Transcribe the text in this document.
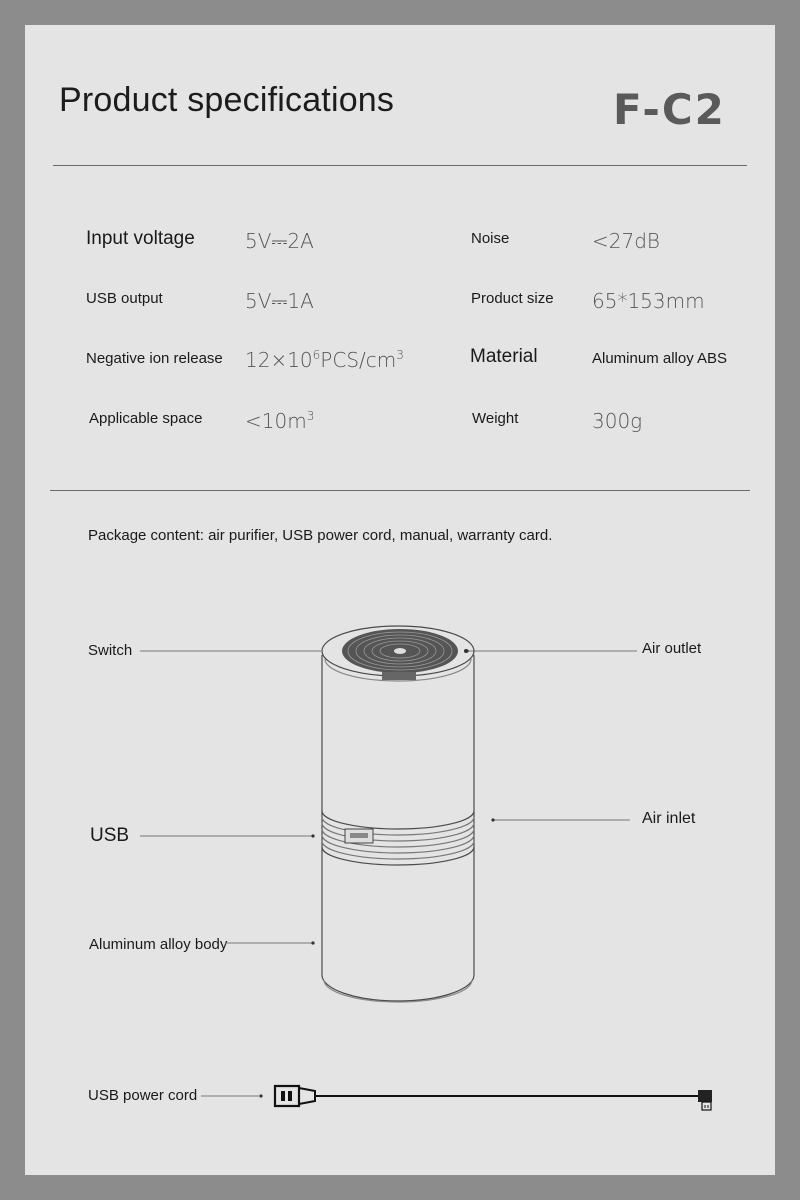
Product specifications	F-C2
Input voltage	5V⎓2A	Noise	<27dB
USB output	5V⎓1A	Product size 65*153mm
Negative ion release $12\times 10^6PCS/cm^3$	Material	Aluminum alloy ABS
Applicable space $<10m^3$	Weight	300g
Package content: air purifier, USB power cord, manual, warranty card.
Switch	Air outlet
USB
Air inlet
Aluminum alloy body
USB power cord
